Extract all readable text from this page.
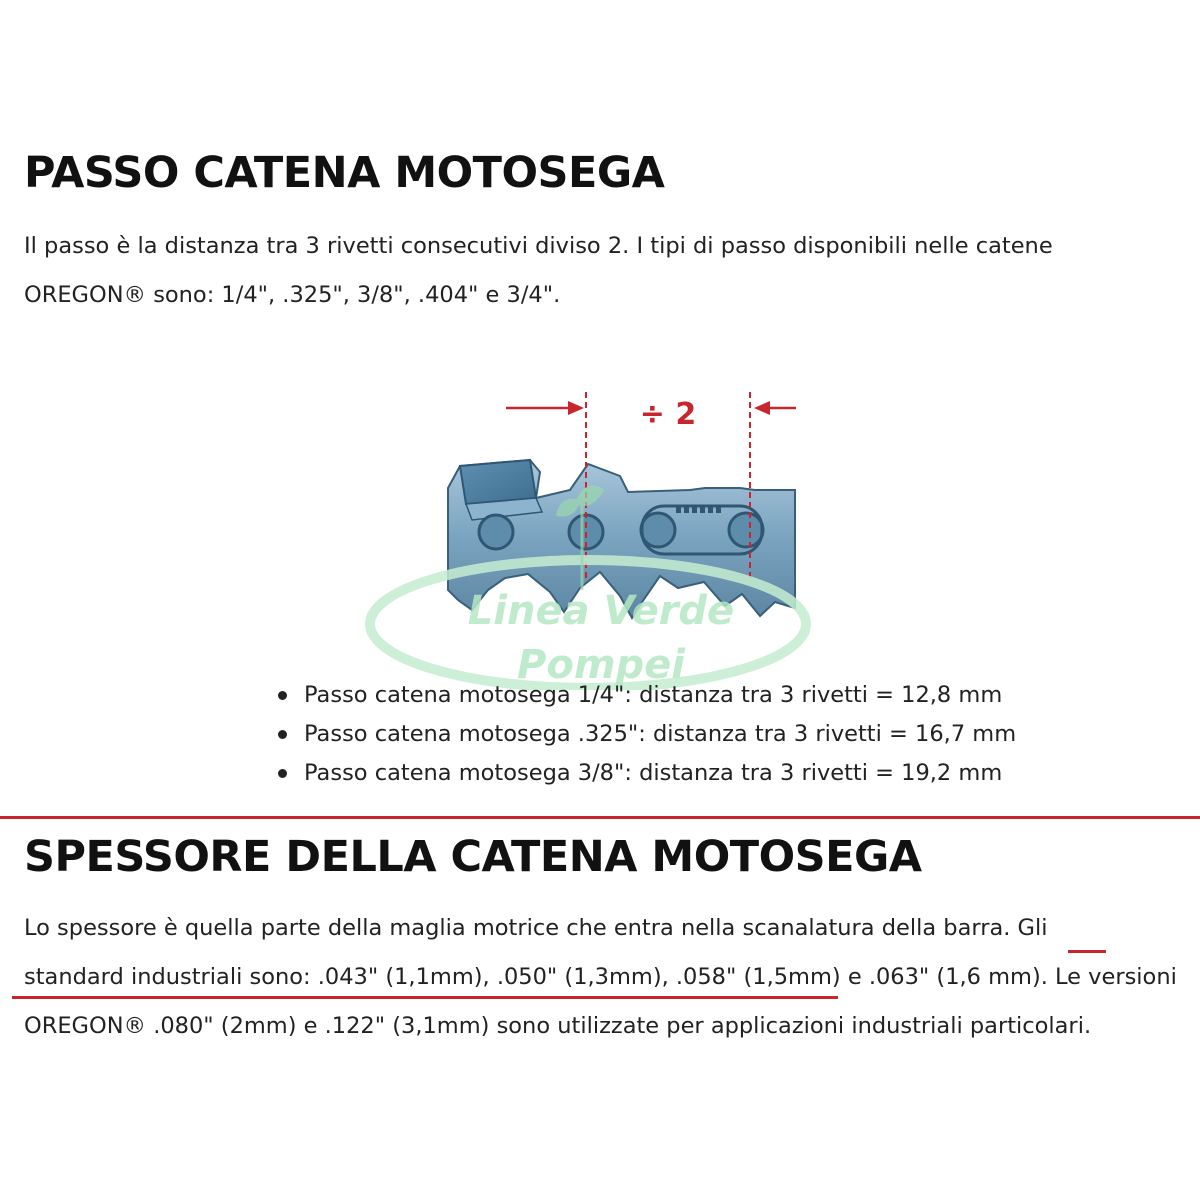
PASSO CATENA MOTOSEGA

Il passo è la distanza tra 3 rivetti consecutivi diviso 2. I tipi di passo disponibili nelle catene
OREGON® sono: 1/4", .325", 3/8", .404" e 3/4".

÷ 2
Linea Verde
Pompei
Passo catena motosega 1/4": distanza tra 3 rivetti = 12,8 mm
Passo catena motosega .325": distanza tra 3 rivetti = 16,7 mm
Passo catena motosega 3/8": distanza tra 3 rivetti = 19,2 mm
SPESSORE DELLA CATENA MOTOSEGA

Lo spessore è quella parte della maglia motrice che entra nella scanalatura della barra. Gli
standard industriali sono: .043" (1,1mm), .050" (1,3mm), .058" (1,5mm) e .063" (1,6 mm). Le versioni
OREGON® .080" (2mm) e .122" (3,1mm) sono utilizzate per applicazioni industriali particolari.
